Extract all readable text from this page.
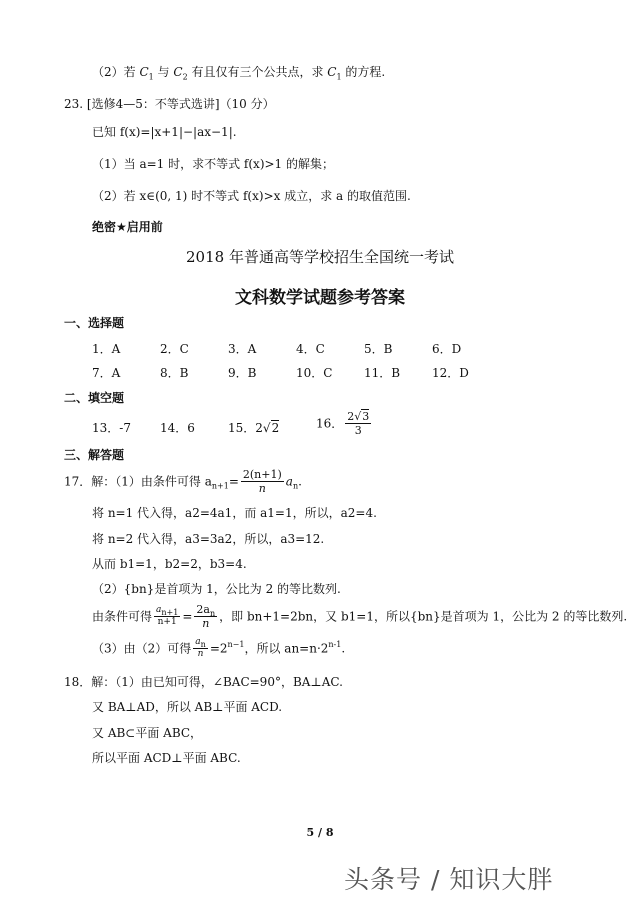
（2）若 $C_1$ 与 $C_2$ 有且仅有三个公共点，求 $C_1$ 的方程.
23. [选修4—5：不等式选讲]（10 分）
已知 f(x)=|x+1|−|ax−1|.
（1）当 a=1 时，求不等式 f(x)>1 的解集；
（2）若 x∈(0, 1) 时不等式 f(x)>x 成立，求 a 的取值范围.
绝密★启用前
2018 年普通高等学校招生全国统一考试
文科数学试题参考答案
一、选择题
1．A	2．C	3．A	4．C	5．B	6．D
7．A	8．B	9．B	10．C	11．B	12．D
二、填空题
13．-7 14．6	15．2√2	16． $\frac{2√3}{3}$
三、解答题
17．解：（1）由条件可得 $a_{n+1}= \frac{2(n+1)}{n} a_n$.
将 n=1 代入得，a2=4a1，而 a1=1，所以，a2=4.
将 n=2 代入得，a3=3a2，所以，a3=12.
从而 b1=1，b2=2，b3=4.
（2）{bn}是首项为 1，公比为 2 的等比数列.
由条件可得 $\frac{a_{n+1}}{n+1} = \frac{2a_n}{n}$ ，即 bn+1=2bn，又 b1=1，所以{bn}是首项为 1，公比为 2 的等比数列.
（3）由（2）可得 $\frac{a_n}{n} =2^{n-1}$，所以 $an=n\cdot 2^{n-1}$.
18．解：（1）由已知可得，∠BAC=90°，BA⊥AC.
又 BA⊥AD，所以 AB⊥平面 ACD.
又 AB⊂平面 ABC，
所以平面 ACD⊥平面 ABC.
5 / 8
头条号 / 知识大胖
